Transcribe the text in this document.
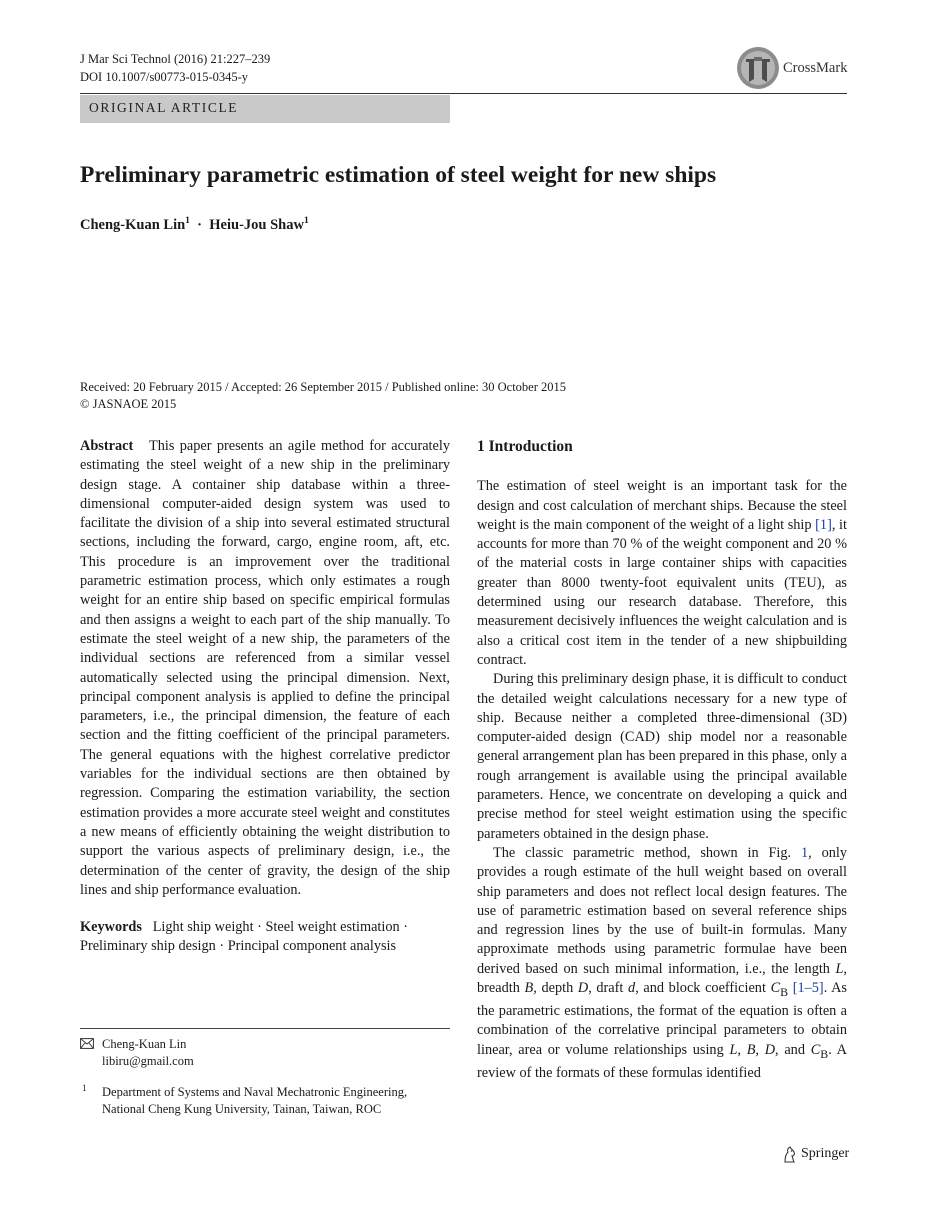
J Mar Sci Technol (2016) 21:227–239
DOI 10.1007/s00773-015-0345-y
CrossMark
ORIGINAL ARTICLE
Preliminary parametric estimation of steel weight for new ships
Cheng-Kuan Lin$^1$ · Heiu-Jou Shaw$^1$
Received: 20 February 2015 / Accepted: 26 September 2015 / Published online: 30 October 2015
© JASNAOE 2015

Abstract This paper presents an agile method for accurately estimating the steel weight of a new ship in the preliminary design stage. A container ship database within a three-dimensional computer-aided design system was used to facilitate the division of a ship into several estimated structural sections, including the forward, cargo, engine room, aft, etc. This procedure is an improvement over the traditional parametric estimation process, which only estimates a rough weight for an entire ship based on specific empirical formulas and then assigns a weight to each part of the ship manually. To estimate the steel weight of a new ship, the parameters of the individual sections are referenced from a similar vessel automatically selected using the principal dimension. Next, principal component analysis is applied to define the principal parameters, i.e., the principal dimension, the feature of each section and the fitting coefficient of the principal parameters. The general equations with the highest correlative predictor variables for the individual sections are then obtained by regression. Comparing the estimation variability, the section estimation provides a more accurate steel weight and constitutes a new means of efficiently obtaining the weight distribution to support the various aspects of preliminary design, i.e., the determination of the center of gravity, the design of the ship lines and ship performance evaluation.

Keywords Light ship weight · Steel weight estimation · Preliminary ship design · Principal component analysis

Cheng-Kuan Lin
libiru@gmail.com
1 Department of Systems and Naval Mechatronic Engineering,
National Cheng Kung University, Tainan, Taiwan, ROC

1 Introduction

The estimation of steel weight is an important task for the design and cost calculation of merchant ships. Because the steel weight is the main component of the weight of a light ship [1], it accounts for more than 70 % of the weight component and 20 % of the material costs in large container ships with capacities greater than 8000 twenty-foot equivalent units (TEU), as determined using our research database. Therefore, this measurement decisively influences the weight calculation and is also a critical cost item in the tender of a new shipbuilding contract.

During this preliminary design phase, it is difficult to conduct the detailed weight calculations necessary for a new type of ship. Because neither a completed three-dimensional (3D) computer-aided design (CAD) ship model nor a reasonable general arrangement plan has been prepared in this phase, only a rough arrangement is available using the principal available parameters. Hence, we concentrate on developing a quick and precise method for steel weight estimation using the specific parameters obtained in the design phase.

The classic parametric method, shown in Fig. 1, only provides a rough estimate of the hull weight based on overall ship parameters and does not reflect local design features. The use of parametric estimation based on several reference ships and regression lines by the use of built-in formulas. Many approximate methods using parametric formulae have been derived based on such minimal information, i.e., the length L, breadth B, depth D, draft d, and block coefficient $C_B$ [1–5]. As the parametric estimations, the format of the equation is often a combination of the correlative principal parameters to obtain linear, area or volume relationships using L, B, D, and $C_B$. A review of the formats of these formulas identified

Springer
